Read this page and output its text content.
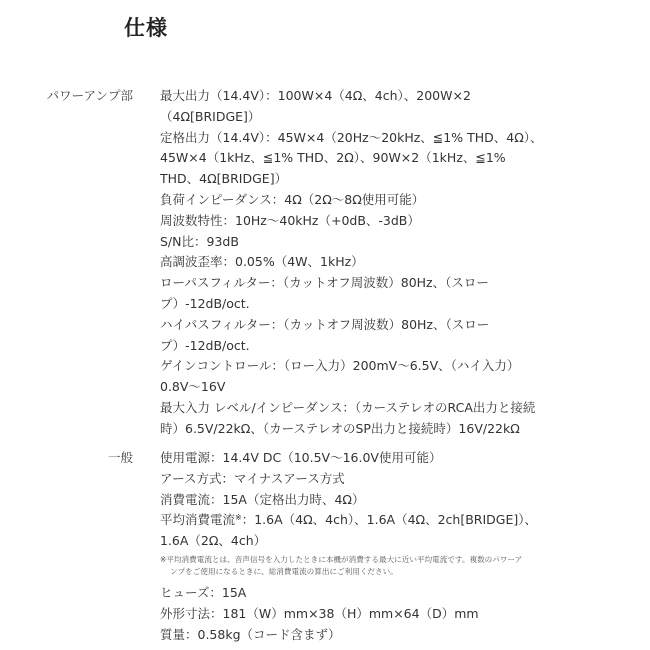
仕様
パワーアンプ部 最大出力（14.4V）：100W×4（4Ω、4ch）、200W×2
（4Ω[BRIDGE]）
定格出力（14.4V）：45W×4（20Hz〜20kHz、≦1% THD、4Ω）、
45W×4（1kHz、≦1% THD、2Ω）、90W×2（1kHz、≦1%
THD、4Ω[BRIDGE]）
負荷インピーダンス：4Ω（2Ω〜8Ω使用可能）
周波数特性：10Hz〜40kHz（+0dB、-3dB）
S/N比：93dB
高調波歪率：0.05%（4W、1kHz）
ローパスフィルター：（カットオフ周波数）80Hz、（スロー
プ）-12dB/oct.
ハイパスフィルター：（カットオフ周波数）80Hz、（スロー
プ）-12dB/oct.
ゲインコントロール：（ロー入力）200mV〜6.5V、（ハイ入力）
0.8V〜16V
最大入力 レベル/インピーダンス：（カーステレオのRCA出力と接続
時）6.5V/22kΩ、（カーステレオのSP出力と接続時）16V/22kΩ
一般 使用電源：14.4V DC（10.5V〜16.0V使用可能）
アース方式：マイナスアース方式
消費電流：15A（定格出力時、4Ω）
平均消費電流※：1.6A（4Ω、4ch）、1.6A（4Ω、2ch[BRIDGE]）、
1.6A（2Ω、4ch）
※平均消費電流とは、音声信号を入力したときに本機が消費する最大に近い平均電流です。複数のパワーア
ンプをご使用になるときに、総消費電流の算出にご利用ください。
ヒューズ：15A
外形寸法：181（W）mm×38（H）mm×64（D）mm
質量：0.58kg（コード含まず）
